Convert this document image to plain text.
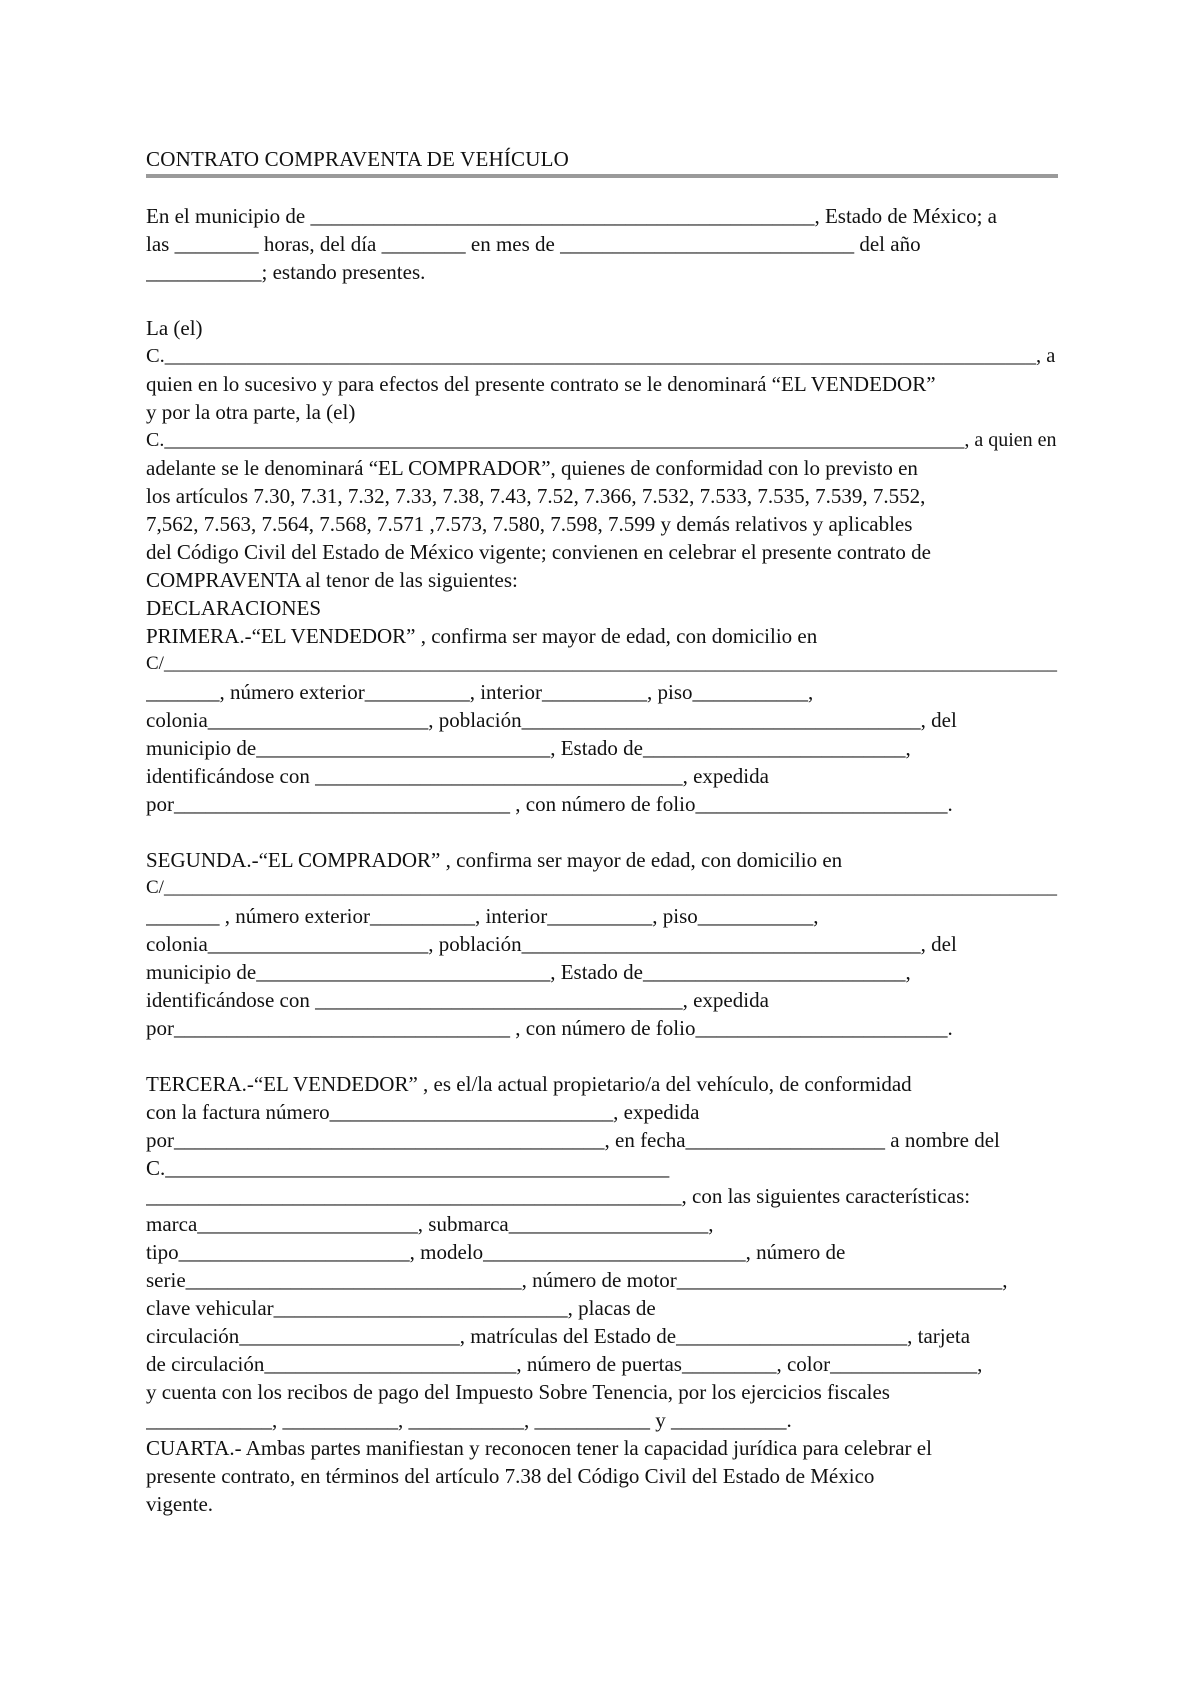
CONTRATO COMPRAVENTA DE VEHÍCULO
En el municipio de ________________________________________________, Estado de México; a
las ________ horas, del día ________ en mes de ____________________________ del año
___________; estando presentes.
La (el)
C._____________________________________________________________________________________, a
quien en lo sucesivo y para efectos del presente contrato se le denominará “EL VENDEDOR”
y por la otra parte, la (el)
C.________________________________________________________________________________, a quien en
adelante se le denominará “EL COMPRADOR”, quienes de conformidad con lo previsto en
los artículos 7.30, 7.31, 7.32, 7.33, 7.38, 7.43, 7.52, 7.366, 7.532, 7.533, 7.535, 7.539, 7.552,
7,562, 7.563, 7.564, 7.568, 7.571 ,7.573, 7.580, 7.598, 7.599 y demás relativos y aplicables
del Código Civil del Estado de México vigente; convienen en celebrar el presente contrato de
COMPRAVENTA al tenor de las siguientes:
DECLARACIONES
PRIMERA.-“EL VENDEDOR” , confirma ser mayor de edad, con domicilio en
C/______________________________________________________________________________________________
_______, número exterior__________, interior__________, piso___________,
colonia_____________________, población______________________________________, del
municipio de____________________________, Estado de_________________________,
identificándose con ___________________________________, expedida
por________________________________ , con número de folio________________________.
SEGUNDA.-“EL COMPRADOR” , confirma ser mayor de edad, con domicilio en
C/______________________________________________________________________________________________
_______ , número exterior__________, interior__________, piso___________,
colonia_____________________, población______________________________________, del
municipio de____________________________, Estado de_________________________,
identificándose con ___________________________________, expedida
por________________________________ , con número de folio________________________.
TERCERA.-“EL VENDEDOR” , es el/la actual propietario/a del vehículo, de conformidad
con la factura número___________________________, expedida
por_________________________________________, en fecha___________________ a nombre del
C.________________________________________________
___________________________________________________, con las siguientes características:
marca_____________________, submarca___________________,
tipo______________________, modelo_________________________, número de
serie________________________________, número de motor_______________________________,
clave vehicular____________________________, placas de
circulación_____________________, matrículas del Estado de______________________, tarjeta
de circulación________________________, número de puertas_________, color______________,
y cuenta con los recibos de pago del Impuesto Sobre Tenencia, por los ejercicios fiscales
____________, ___________, ___________, ___________ y ___________.
CUARTA.- Ambas partes manifiestan y reconocen tener la capacidad jurídica para celebrar el
presente contrato, en términos del artículo 7.38 del Código Civil del Estado de México
vigente.
